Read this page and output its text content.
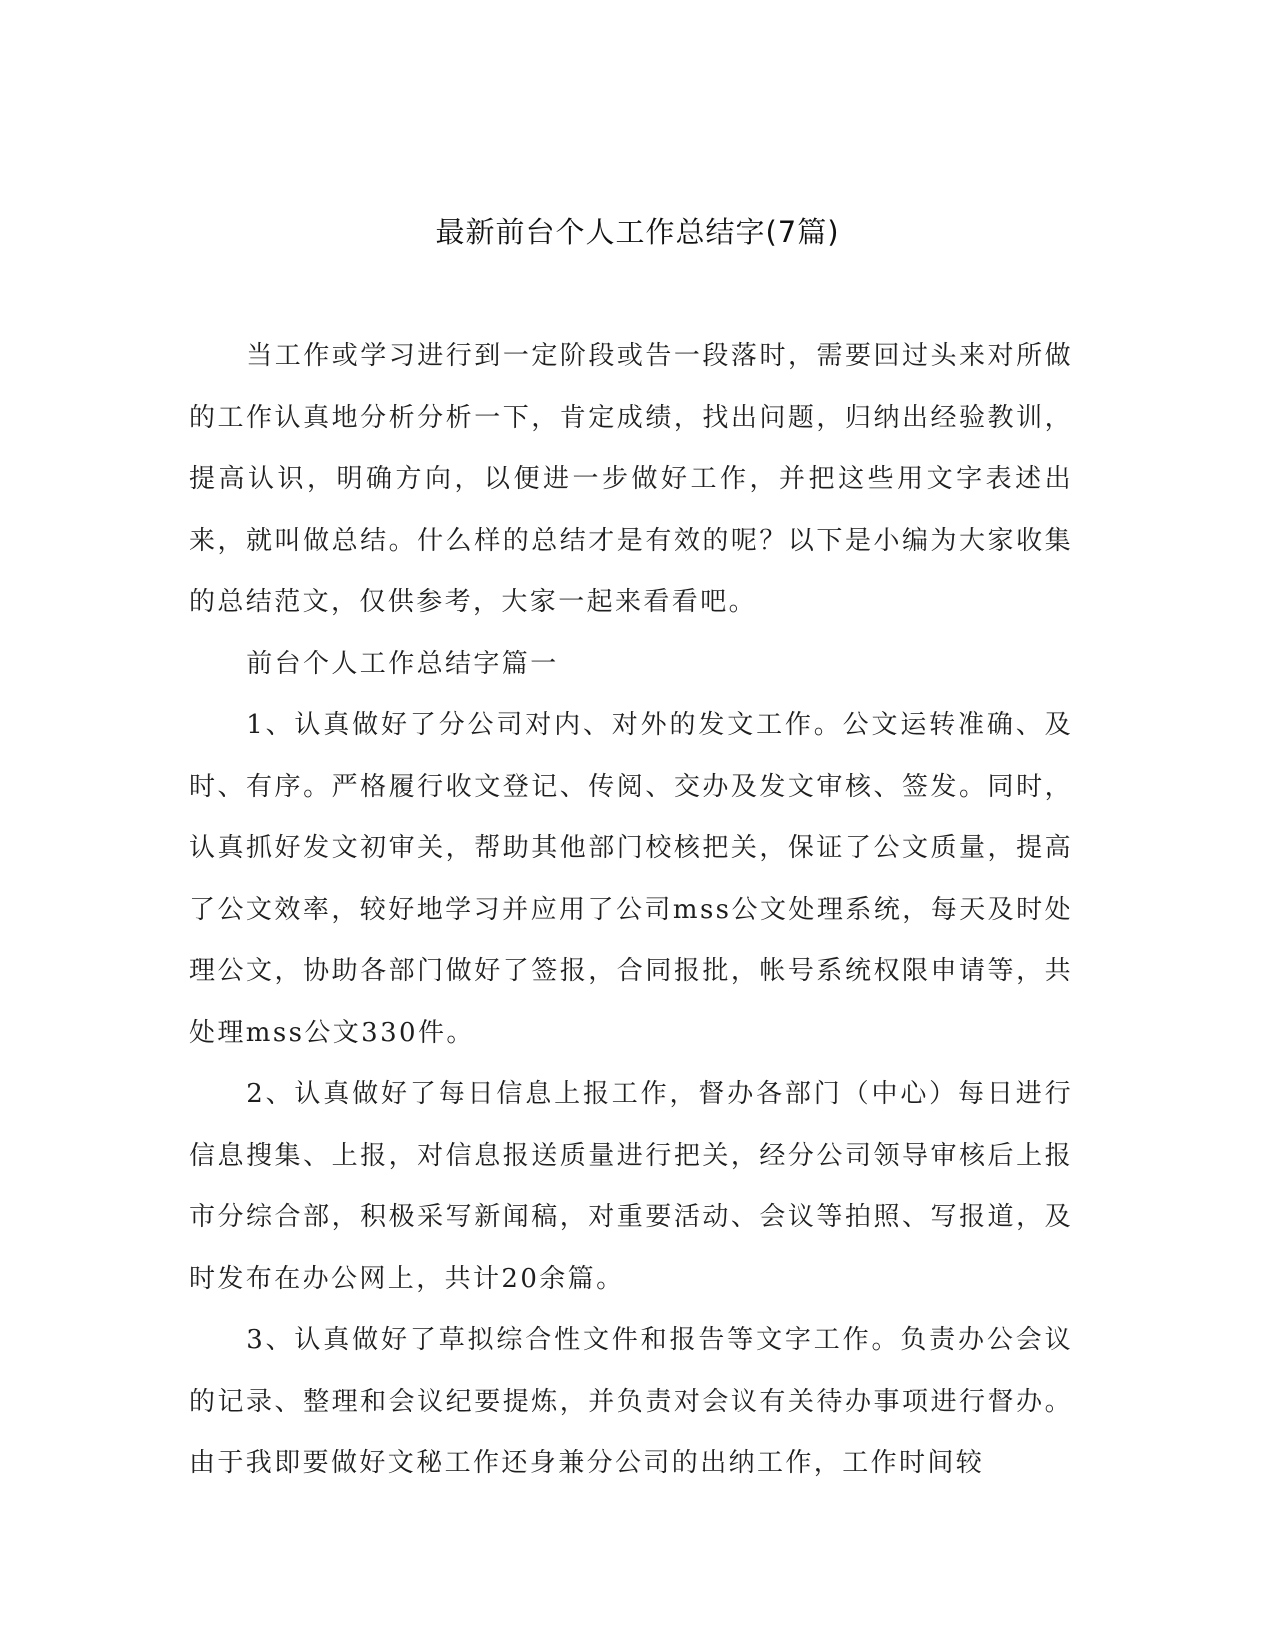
最新前台个人工作总结字(7篇)

当工作或学习进行到一定阶段或告一段落时，需要回过头来对所做的工作认真地分析分析一下，肯定成绩，找出问题，归纳出经验教训，提高认识，明确方向，以便进一步做好工作，并把这些用文字表述出来，就叫做总结。什么样的总结才是有效的呢？以下是小编为大家收集的总结范文，仅供参考，大家一起来看看吧。

前台个人工作总结字篇一

1、认真做好了分公司对内、对外的发文工作。公文运转准确、及时、有序。严格履行收文登记、传阅、交办及发文审核、签发。同时，认真抓好发文初审关，帮助其他部门校核把关，保证了公文质量，提高了公文效率，较好地学习并应用了公司mss公文处理系统，每天及时处理公文，协助各部门做好了签报，合同报批，帐号系统权限申请等，共处理mss公文330件。

2、认真做好了每日信息上报工作，督办各部门（中心）每日进行信息搜集、上报，对信息报送质量进行把关，经分公司领导审核后上报市分综合部，积极采写新闻稿，对重要活动、会议等拍照、写报道，及时发布在办公网上，共计20余篇。

3、认真做好了草拟综合性文件和报告等文字工作。负责办公会议的记录、整理和会议纪要提炼，并负责对会议有关待办事项进行督办。由于我即要做好文秘工作还身兼分公司的出纳工作，工作时间较
